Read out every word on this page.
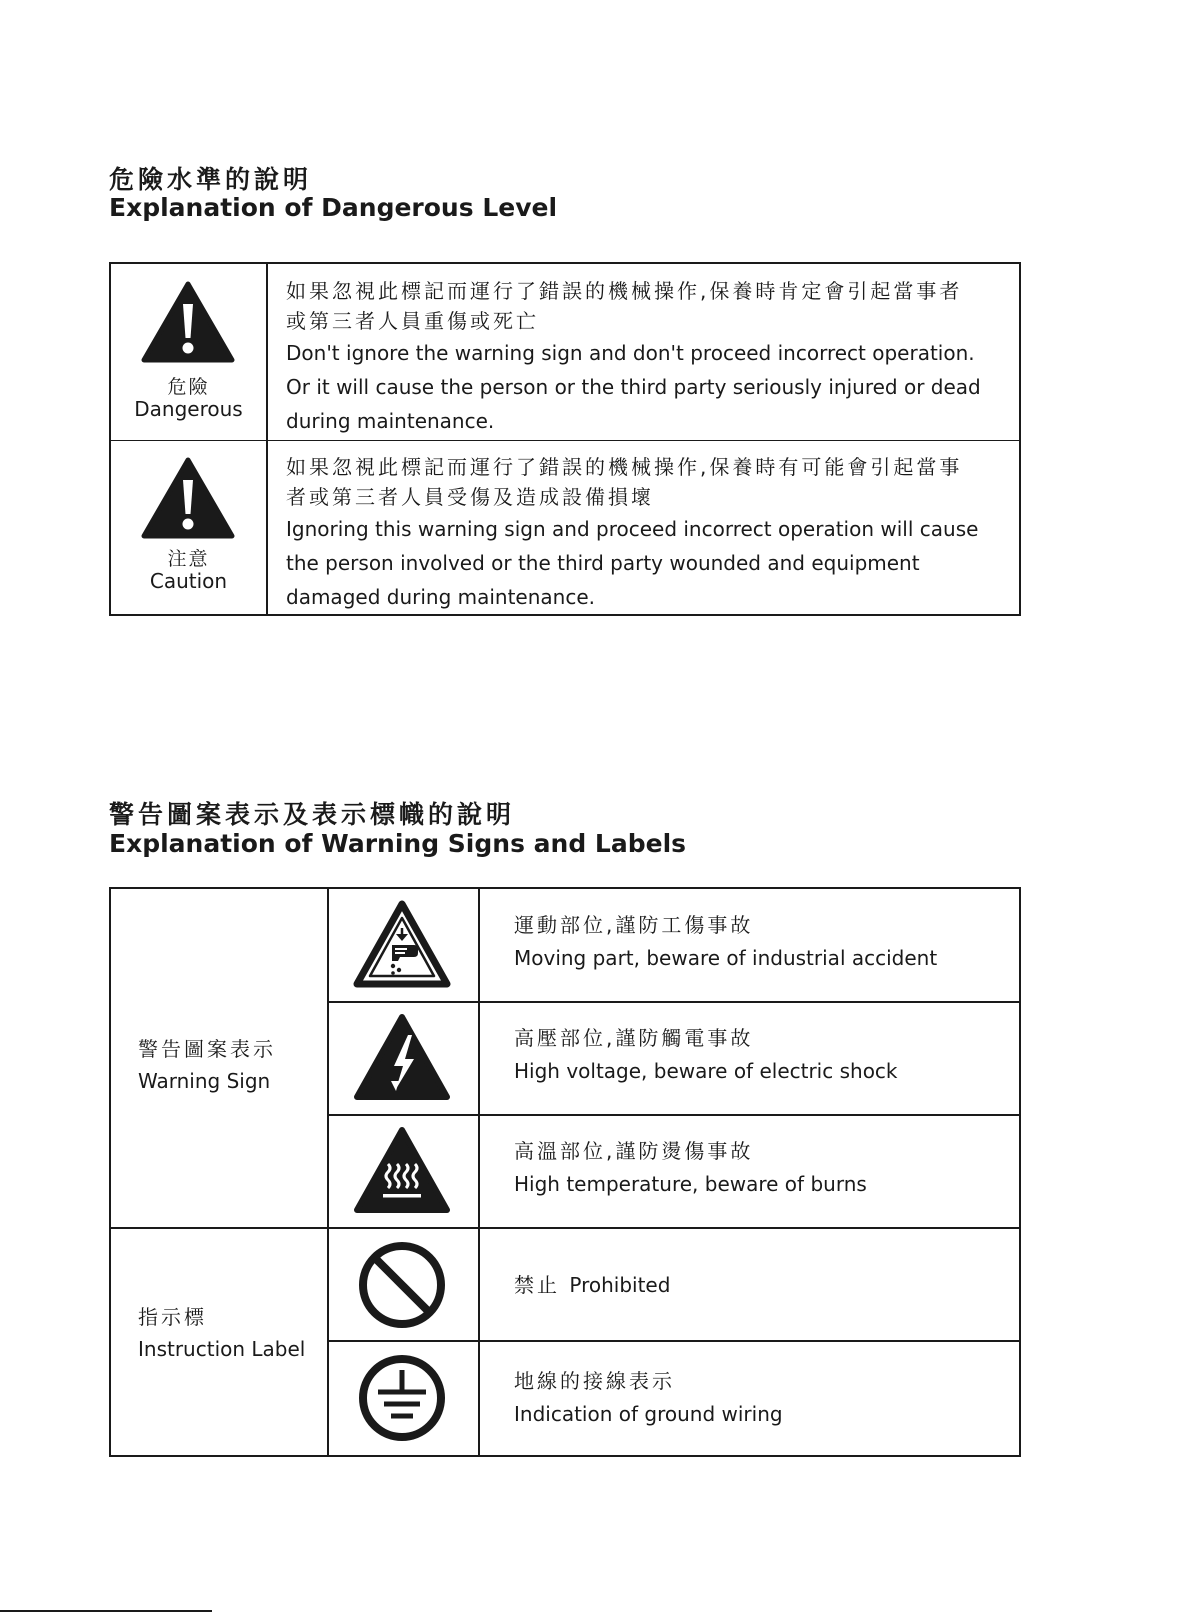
危險水準的說明
Explanation of Dangerous Level
危險
Dangerous
如果忽視此標記而運行了錯誤的機械操作,保養時肯定會引起當事者
或第三者人員重傷或死亡
Don't ignore the warning sign and don't proceed incorrect operation.
Or it will cause the person or the third party seriously injured or dead
during maintenance.
注意
Caution
如果忽視此標記而運行了錯誤的機械操作,保養時有可能會引起當事
者或第三者人員受傷及造成設備損壞
Ignoring this warning sign and proceed incorrect operation will cause
the person involved or the third party wounded and equipment
damaged during maintenance.
警告圖案表示及表示標幟的說明
Explanation of Warning Signs and Labels
警告圖案表示
Warning Sign
指示標
Instruction Label
運動部位,謹防工傷事故
Moving part, beware of industrial accident
高壓部位,謹防觸電事故
High voltage, beware of electric shock
高溫部位,謹防燙傷事故
High temperature, beware of burns
禁止 Prohibited
地線的接線表示
Indication of ground wiring
